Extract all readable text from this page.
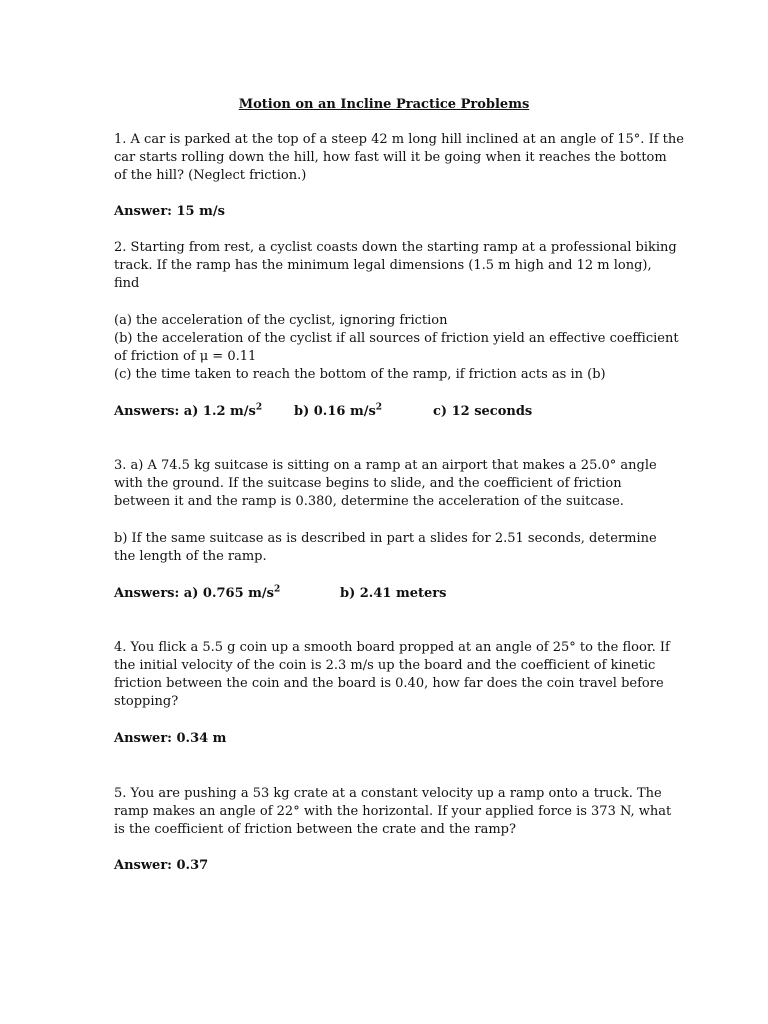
Motion on an Incline Practice Problems
1. A car is parked at the top of a steep 42 m long hill inclined at an angle of 15°. If the
car starts rolling down the hill, how fast will it be going when it reaches the bottom
of the hill? (Neglect friction.)
Answer: 15 m/s
2. Starting from rest, a cyclist coasts down the starting ramp at a professional biking
track. If the ramp has the minimum legal dimensions (1.5 m high and 12 m long),
find
(a) the acceleration of the cyclist, ignoring friction
(b) the acceleration of the cyclist if all sources of friction yield an effective coefficient
of friction of μ = 0.11
(c) the time taken to reach the bottom of the ramp, if friction acts as in (b)
Answers: a) 1.2 $m/s^2$ b) 0.16 $m/s^2$	c) 12 seconds
3. a) A 74.5 kg suitcase is sitting on a ramp at an airport that makes a 25.0° angle
with the ground. If the suitcase begins to slide, and the coefficient of friction
between it and the ramp is 0.380, determine the acceleration of the suitcase.
b) If the same suitcase as is described in part a slides for 2.51 seconds, determine
the length of the ramp.
Answers: a) 0.765 $m/s^2$	b) 2.41 meters
4. You flick a 5.5 g coin up a smooth board propped at an angle of 25° to the floor. If
the initial velocity of the coin is 2.3 m/s up the board and the coefficient of kinetic
friction between the coin and the board is 0.40, how far does the coin travel before
stopping?
Answer: 0.34 m
5. You are pushing a 53 kg crate at a constant velocity up a ramp onto a truck. The
ramp makes an angle of 22° with the horizontal. If your applied force is 373 N, what
is the coefficient of friction between the crate and the ramp?
Answer: 0.37
